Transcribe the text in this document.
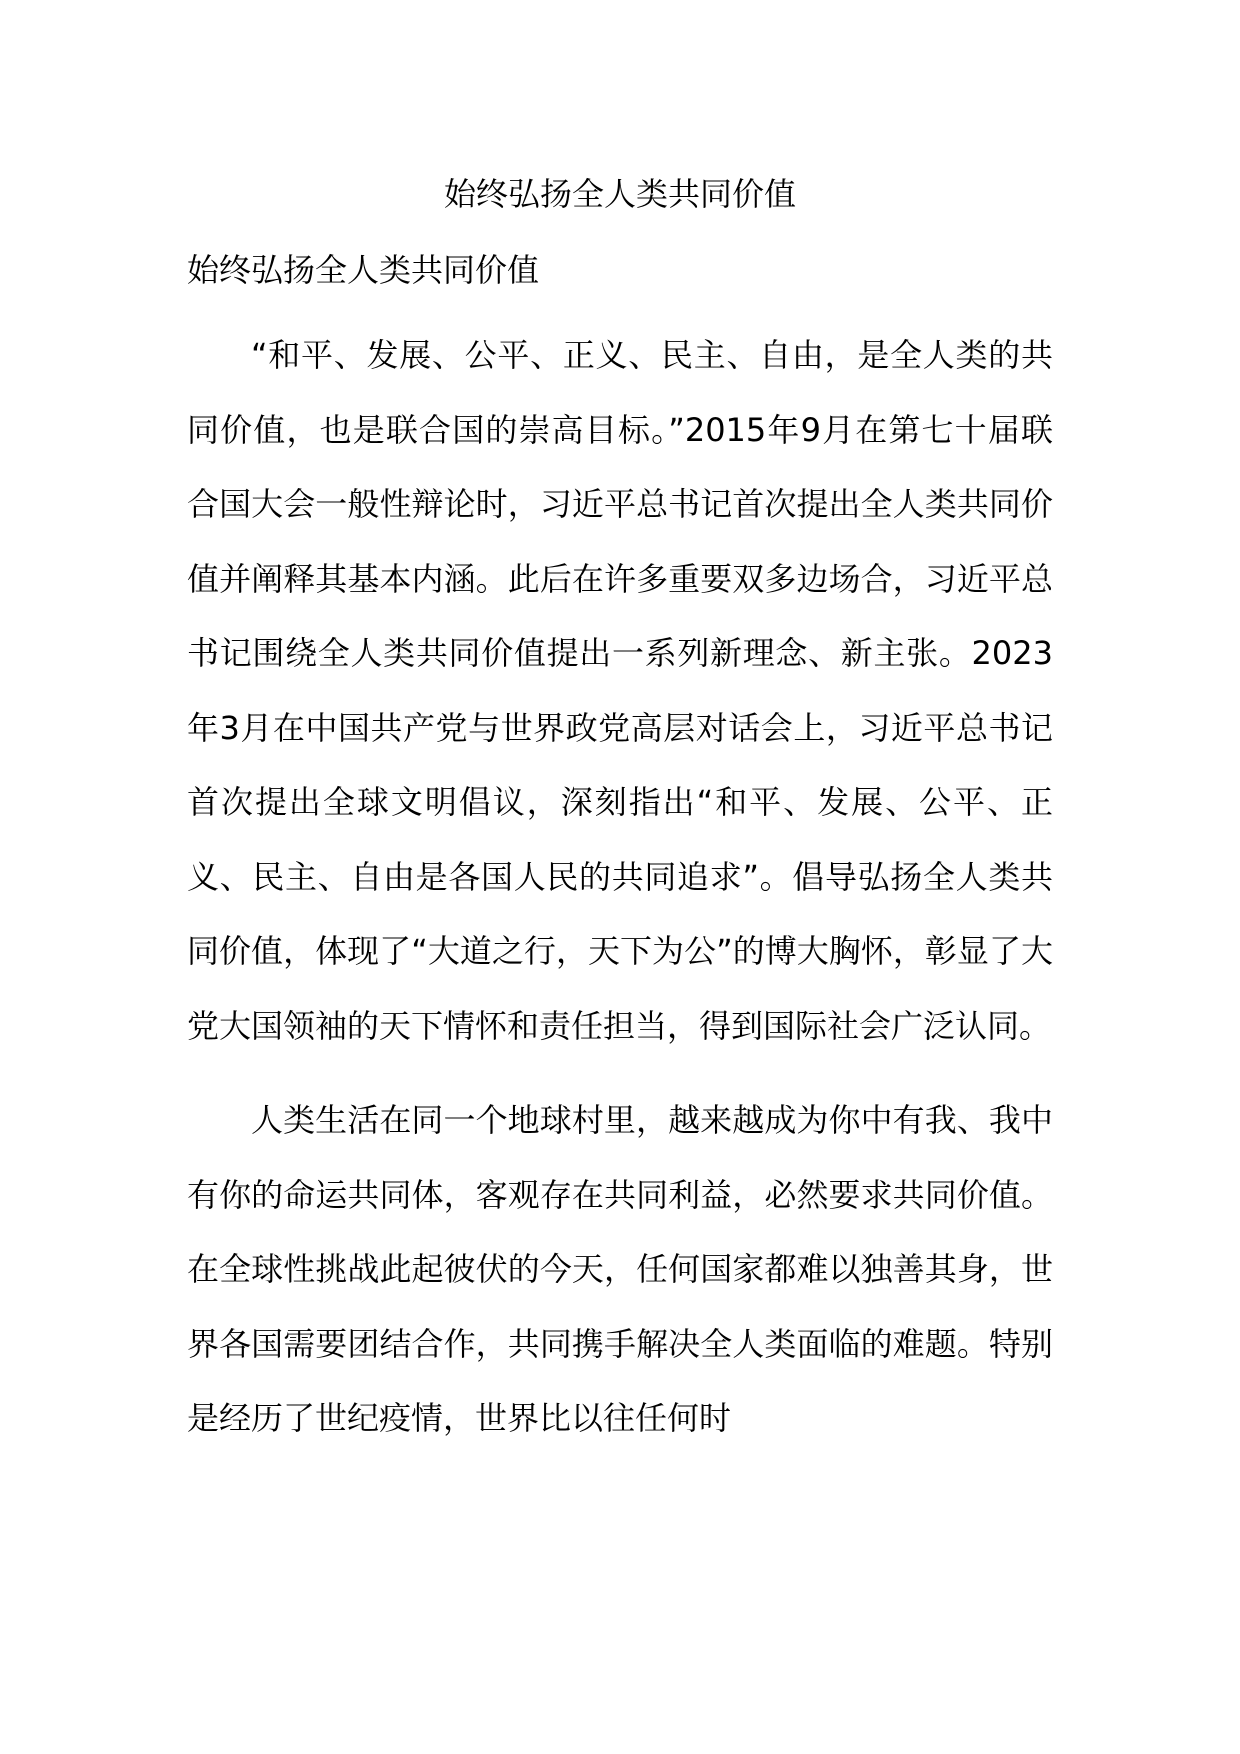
始终弘扬全人类共同价值
始终弘扬全人类共同价值

“和平、发展、公平、正义、民主、自由，是全人类的共同价值，也是联合国的崇高目标。”2015年9月在第七十届联合国大会一般性辩论时，习近平总书记首次提出全人类共同价值并阐释其基本内涵。此后在许多重要双多边场合，习近平总书记围绕全人类共同价值提出一系列新理念、新主张。2023年3月在中国共产党与世界政党高层对话会上，习近平总书记首次提出全球文明倡议，深刻指出“和平、发展、公平、正义、民主、自由是各国人民的共同追求”。倡导弘扬全人类共同价值，体现了“大道之行，天下为公”的博大胸怀，彰显了大党大国领袖的天下情怀和责任担当，得到国际社会广泛认同。

人类生活在同一个地球村里，越来越成为你中有我、我中有你的命运共同体，客观存在共同利益，必然要求共同价值。在全球性挑战此起彼伏的今天，任何国家都难以独善其身，世界各国需要团结合作，共同携手解决全人类面临的难题。特别是经历了世纪疫情，世界比以往任何时
